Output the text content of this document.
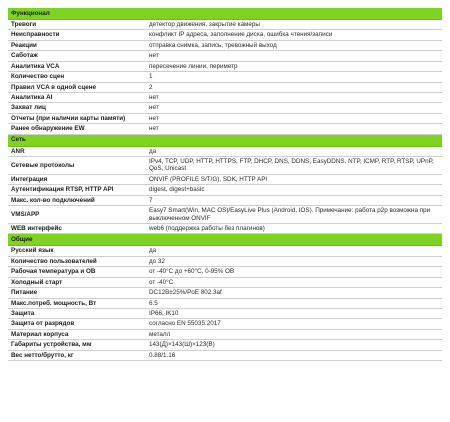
Функционал	
Тревоги	детектор движения, закрытие камеры
Неисправности	конфликт IP адреса, заполнение диска, ошибка чтения/записи
Реакции	отправка снимка, запись, тревожный выход
Саботаж	нет
Аналитика VCA	пересечение линии, периметр
Количество сцен	1
Правил VCA в одной сцене	2
Аналитика AI	нет
Захват лиц	нет
Отчеты (при наличии карты памяти)	нет
Ранее обнаружение EW	нет
Сеть	
ANR	да
Сетевые протоколы	IPv4, TCP, UDP, HTTP, HTTPS, FTP, DHCP, DNS, DDNS, EasyDDNS, NTP, ICMP, RTP, RTSP, UPnP, QoS, Unicast
Интеграция	ONVIF (PROFILE S/T/G), SDK, HTTP API
Аутентификация RTSP, HTTP API	digest, digest+basic
Макс. кол-во подключений	7
VMS/APP	Easy7 Smart(Win, MAC OS)/EasyLive Plus (Android, IOS). Примечание: работа p2p возможна при выключенном ONVIF
WEB интерфейс	web6 (поддержка работы без плагинов)
Общие	
Русский язык	да
Количество пользователей	до 32
Рабочая температура и ОВ	от -40°С до +60°С, 0-95% ОВ
Холодный старт	от -40°С
Питание	DC12В±25%/PoE 802.3af
Макс.потреб. мощность, Вт	6.5
Защита	IP66, IK10
Защита от разрядов	согласно EN 55035:2017
Материал корпуса	металл
Габариты устройства, мм	143(Д)×143(Ш)×123(В)
Вес нетто/брутто, кг	0.88/1.16
